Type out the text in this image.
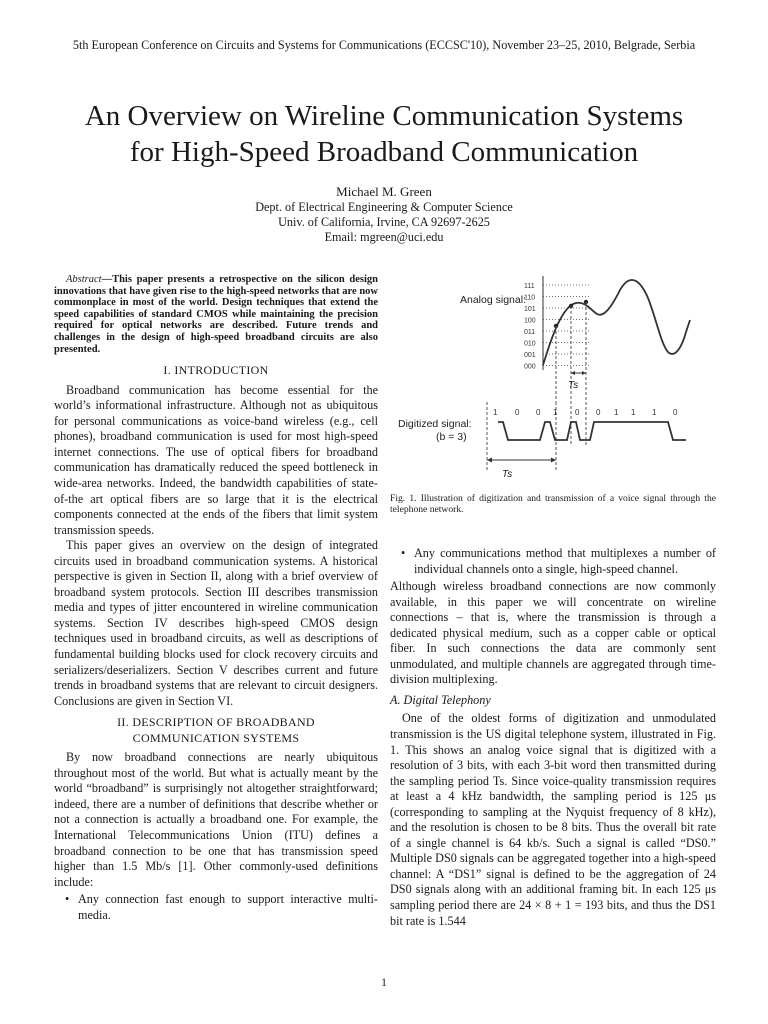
5th European Conference on Circuits and Systems for Communications (ECCSC'10), November 23–25, 2010, Belgrade, Serbia
An Overview on Wireline Communication Systems
for High-Speed Broadband Communication
Michael M. Green
Dept. of Electrical Engineering & Computer Science
Univ. of California, Irvine, CA 92697-2625
Email: mgreen@uci.edu
Abstract—This paper presents a retrospective on the silicon design innovations that have given rise to the high-speed networks that are now commonplace in most of the world. Design techniques that extend the speed capabilities of standard CMOS while maintaining the precision required for optical networks are described. Future trends and challenges in the design of high-speed broadband circuits are also presented.
I. INTRODUCTION

Broadband communication has become essential for the world’s informational infrastructure. Although not as ubiquitous for personal communications as voice-band wireless (e.g., cell phones), broadband communication is used for most high-speed internet connections. The use of optical fibers for broadband communication has dramatically reduced the speed bottleneck in wide-area networks. Indeed, the bandwidth capabilities of state-of-the art optical fibers are so large that it is the electrical components connected at the ends of the fibers that limit system transmission speeds.

This paper gives an overview on the design of integrated circuits used in broadband communication systems. A historical perspective is given in Section II, along with a brief overview of broadband system protocols. Section III describes transmission media and types of jitter encountered in wireline communication systems. Section IV describes high-speed CMOS design techniques used in broadband circuits, as well as descriptions of fundamental building blocks used for clock recovery circuits and serializers/deserializers. Section V describes current and future trends in broadband systems that are relevant to circuit designers. Conclusions are given in Section VI.

II. DESCRIPTION OF BROADBAND COMMUNICATION SYSTEMS

By now broadband connections are nearly ubiquitous throughout most of the world. But what is actually meant by the world “broadband” is surprisingly not altogether straightforward; indeed, there are a number of definitions that describe whether or not a connection is actually a broadband one. For example, the International Telecommunications Union (ITU) defines a broadband connection to be one that has transmission speed higher than 1.5 Mb/s [1]. Other commonly-used definitions include:

• Any connection fast enough to support interactive multi-media.
111
110
101
100
011
010
001
000
Ts
Analog signal:
Digitized signal:
(b = 3)
1 0 0 1 0 0 1 1 1 0
Ts
Fig. 1. Illustration of digitization and transmission of a voice signal through the telephone network.
• Any communications method that multiplexes a number of individual channels onto a single, high-speed channel.

Although wireless broadband connections are now commonly available, in this paper we will concentrate on wireline connections – that is, where the transmission is through a dedicated physical medium, such as a copper cable or optical fiber. In such connections the data are commonly sent unmodulated, and multiple channels are aggregated through time-division multiplexing.

A. Digital Telephony

One of the oldest forms of digitization and unmodulated transmission is the US digital telephone system, illustrated in Fig. 1. This shows an analog voice signal that is digitized with a resolution of 3 bits, with each 3-bit word then transmitted during the sampling period Ts. Since voice-quality transmission requires at least a 4 kHz bandwidth, the sampling period is 125 μs (corresponding to sampling at the Nyquist frequency of 8 kHz), and the resolution is chosen to be 8 bits. Thus the overall bit rate of a single channel is 64 kb/s. Such a signal is called “DS0.” Multiple DS0 signals can be aggregated together into a high-speed channel: A “DS1” signal is defined to be the aggregation of 24 DS0 signals along with an additional framing bit. In each 125 μs sampling period there are 24 × 8 + 1 = 193 bits, and thus the DS1 bit rate is 1.544

1
